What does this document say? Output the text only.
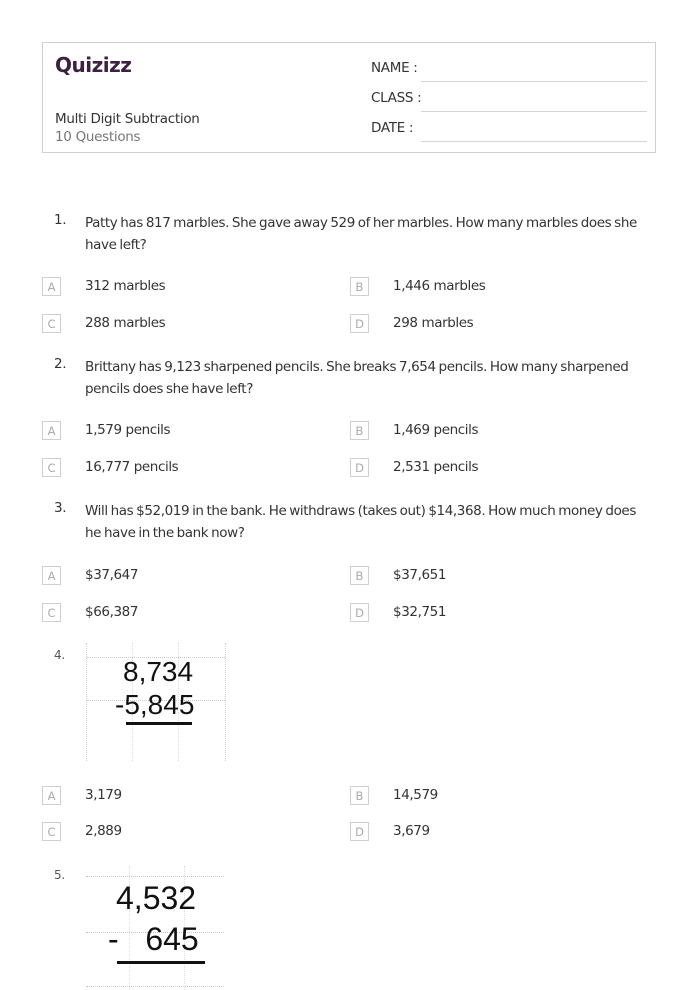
Quizizz
Multi Digit Subtraction
10 Questions
NAME :
CLASS :
DATE :
1. Patty has 817 marbles. She gave away 529 of her marbles. How many marbles does she have left?
A	312 marbles	B	1,446 marbles
C	288 marbles	D	298 marbles
2. Brittany has 9,123 sharpened pencils. She breaks 7,654 pencils. How many sharpened pencils does she have left?
A	1,579 pencils	B	1,469 pencils
C	16,777 pencils	D	2,531 pencils
3. Will has $52,019 in the bank. He withdraws (takes out) $14,368. How much money does he have in the bank now?
A	$37,647	B	$37,651
C	$66,387	D	$32,751
4.
8,734
-5,845
A	3,179	B	14,579
C	2,889	D	3,679
5.
4,532
-   645
